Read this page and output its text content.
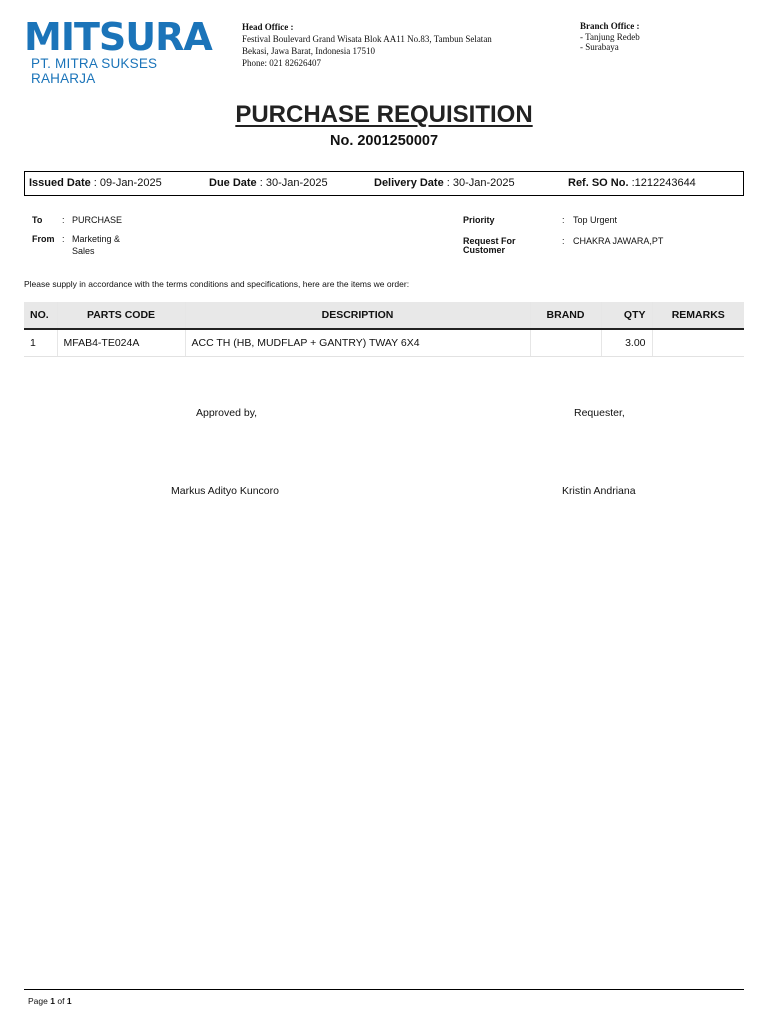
MITSURA
PT. MITRA SUKSES RAHARJA
Head Office :
Festival Boulevard Grand Wisata Blok AA11 No.83, Tambun Selatan
Bekasi, Jawa Barat, Indonesia 17510
Phone: 021 82626407
Branch Office :
- Tanjung Redeb
- Surabaya
PURCHASE REQUISITION
No. 2001250007
Issued Date : 09-Jan-2025	Due Date : 30-Jan-2025	Delivery Date : 30-Jan-2025	Ref. SO No. :1212243644
To : PURCHASE
From : Marketing &
Sales
Priority	: Top Urgent
Request For
Customer
: CHAKRA JAWARA,PT
Please supply in accordance with the terms conditions and specifications, here are the items we order:
NO.	PARTS CODE	DESCRIPTION	BRAND	QTY	REMARKS
1	MFAB4-TE024A	ACC TH (HB, MUDFLAP + GANTRY) TWAY 6X4		3.00	
Approved by,	Requester,
Markus Adityo Kuncoro	Kristin Andriana
Page 1 of 1
